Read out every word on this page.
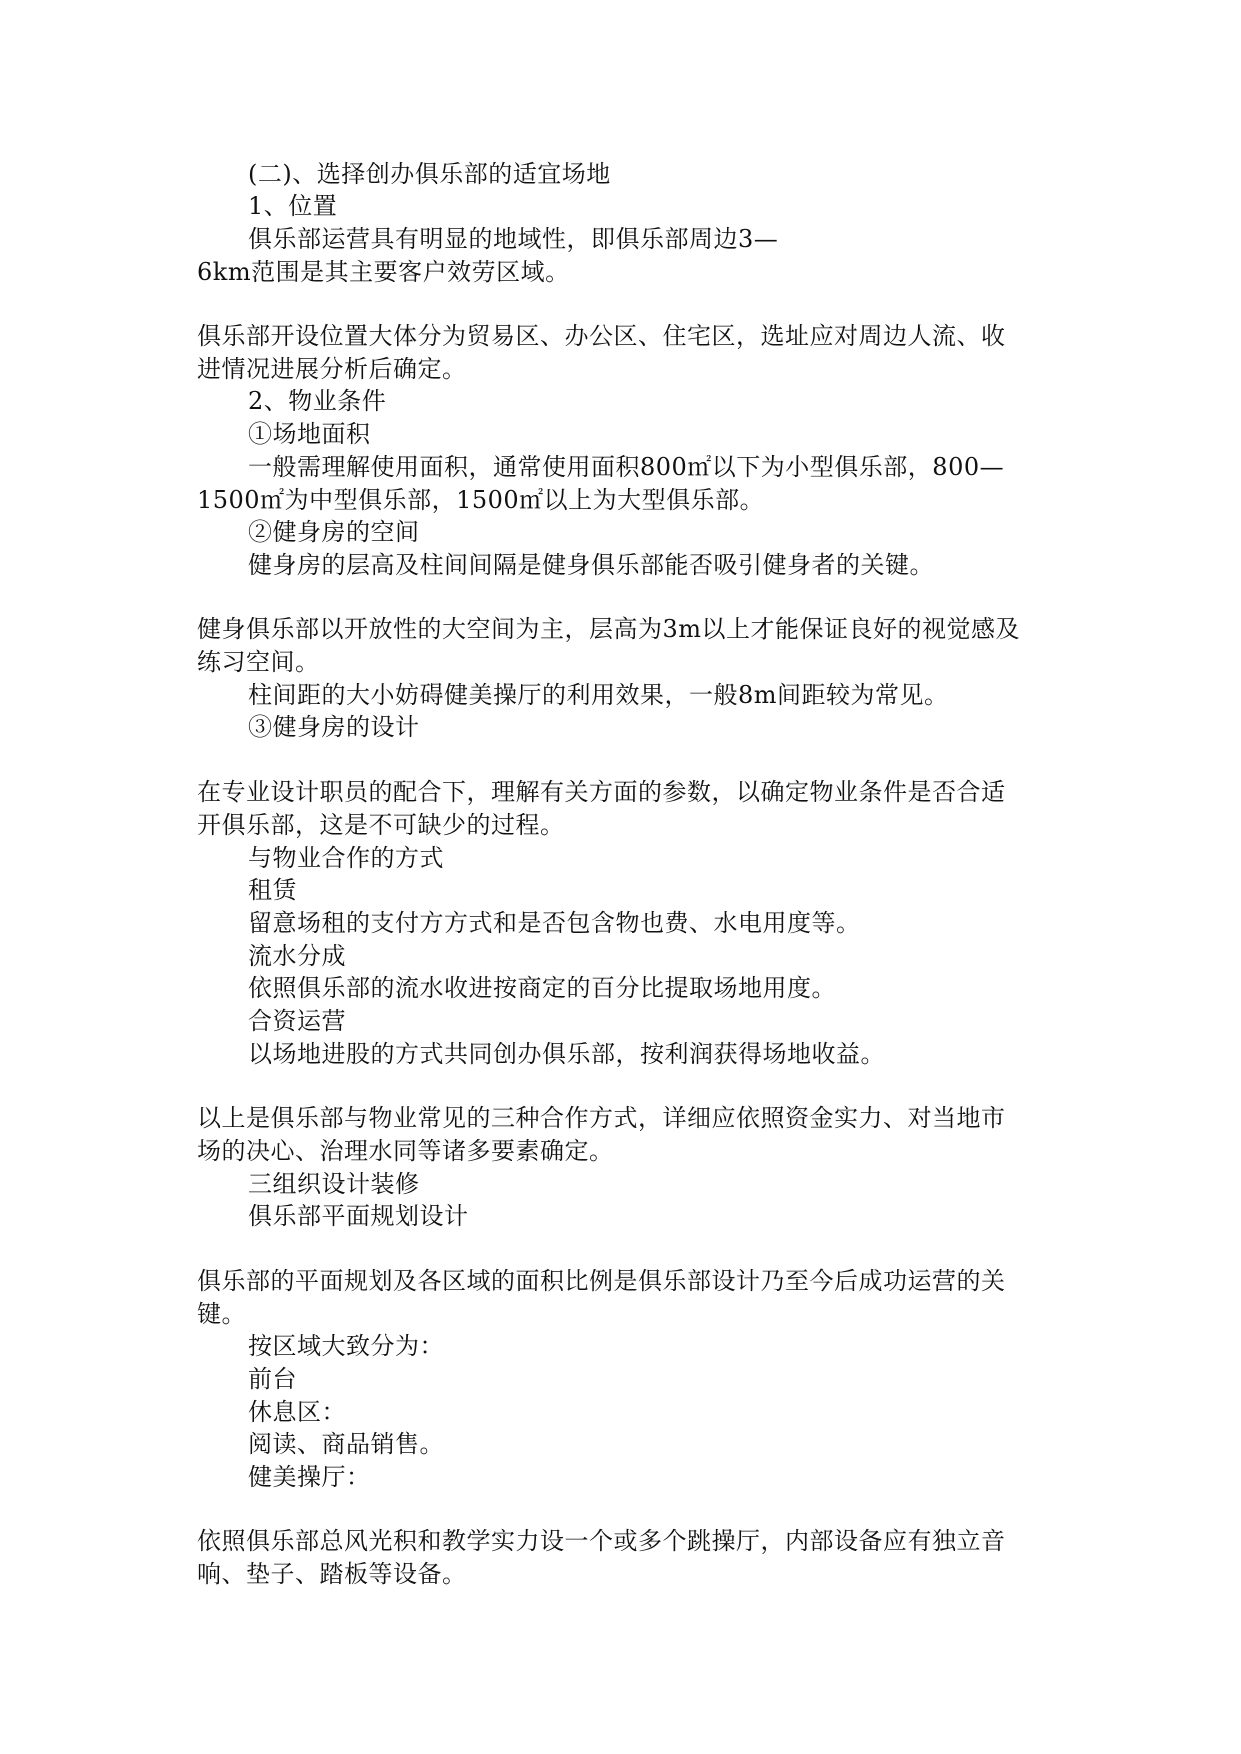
(二)、选择创办俱乐部的适宜场地
1、位置
俱乐部运营具有明显的地域性，即俱乐部周边3—
6km范围是其主要客户效劳区域。
俱乐部开设位置大体分为贸易区、办公区、住宅区，选址应对周边人流、收
进情况进展分析后确定。
2、物业条件
①场地面积
一般需理解使用面积，通常使用面积800㎡以下为小型俱乐部，800—
1500㎡为中型俱乐部，1500㎡以上为大型俱乐部。
②健身房的空间
健身房的层高及柱间间隔是健身俱乐部能否吸引健身者的关键。
健身俱乐部以开放性的大空间为主，层高为3m以上才能保证良好的视觉感及
练习空间。
柱间距的大小妨碍健美操厅的利用效果，一般8m间距较为常见。
③健身房的设计
在专业设计职员的配合下，理解有关方面的参数，以确定物业条件是否合适
开俱乐部，这是不可缺少的过程。
与物业合作的方式
租赁
留意场租的支付方方式和是否包含物也费、水电用度等。
流水分成
依照俱乐部的流水收进按商定的百分比提取场地用度。
合资运营
以场地进股的方式共同创办俱乐部，按利润获得场地收益。
以上是俱乐部与物业常见的三种合作方式，详细应依照资金实力、对当地市
场的决心、治理水同等诸多要素确定。
三组织设计装修
俱乐部平面规划设计
俱乐部的平面规划及各区域的面积比例是俱乐部设计乃至今后成功运营的关
键。
按区域大致分为：
前台
休息区：
阅读、商品销售。
健美操厅：
依照俱乐部总风光积和教学实力设一个或多个跳操厅，内部设备应有独立音
响、垫子、踏板等设备。
